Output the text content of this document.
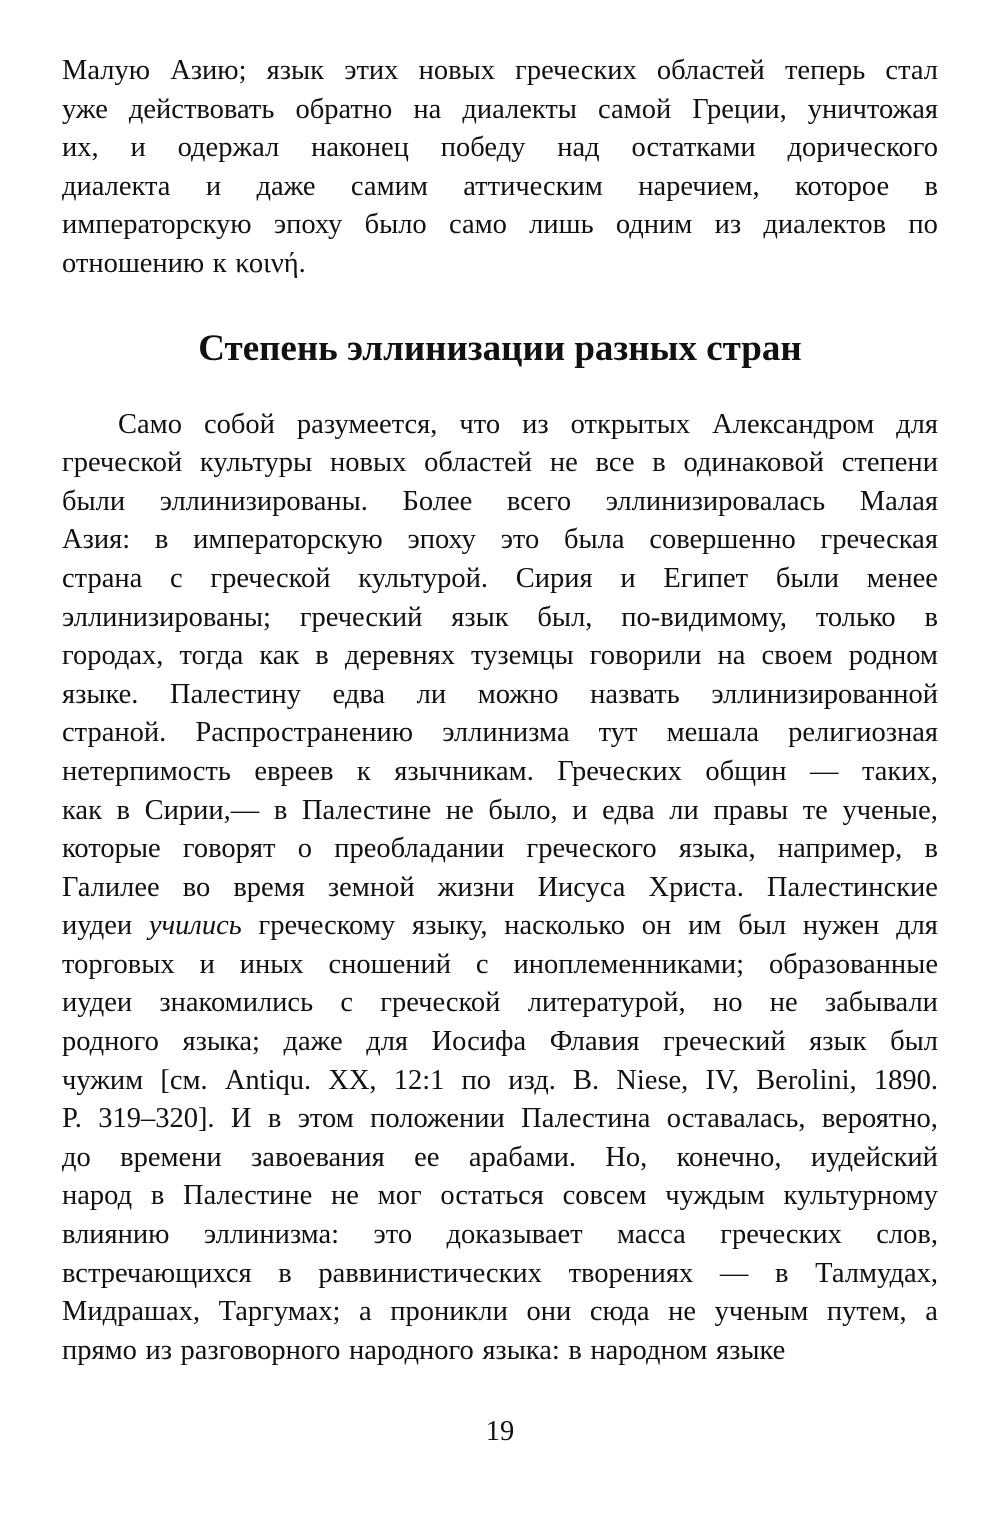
Малую Азию; язык этих новых греческих областей теперь стал
уже действовать обратно на диалекты самой Греции, уничтожая
их, и одержал наконец победу над остатками дорического
диалекта и даже самим аттическим наречием, которое в
императорскую эпоху было само лишь одним из диалектов по
отношению к κοινή.
Степень эллинизации разных стран
Само собой разумеется, что из открытых Александром для
греческой культуры новых областей не все в одинаковой степени
были эллинизированы. Более всего эллинизировалась Малая
Азия: в императорскую эпоху это была совершенно греческая
страна с греческой культурой. Сирия и Египет были менее
эллинизированы; греческий язык был, по-видимому, только в
городах, тогда как в деревнях туземцы говорили на своем родном
языке. Палестину едва ли можно назвать эллинизированной
страной. Распространению эллинизма тут мешала религиозная
нетерпимость евреев к язычникам. Греческих общин — таких,
как в Сирии,— в Палестине не было, и едва ли правы те ученые,
которые говорят о преобладании греческого языка, например, в
Галилее во время земной жизни Иисуса Христа. Палестинские
иудеи учились греческому языку, насколько он им был нужен для
торговых и иных сношений с иноплеменниками; образованные
иудеи знакомились с греческой литературой, но не забывали
родного языка; даже для Иосифа Флавия греческий язык был
чужим [см. Antiqu. XX, 12:1 по изд. B. Niese, IV, Berolini, 1890.
P. 319–320]. И в этом положении Палестина оставалась, вероятно,
до времени завоевания ее арабами. Но, конечно, иудейский
народ в Палестине не мог остаться совсем чуждым культурному
влиянию эллинизма: это доказывает масса греческих слов,
встречающихся в раввинистических творениях — в Талмудах,
Мидрашах, Таргумах; а проникли они сюда не ученым путем, а
прямо из разговорного народного языка: в народном языке
19
